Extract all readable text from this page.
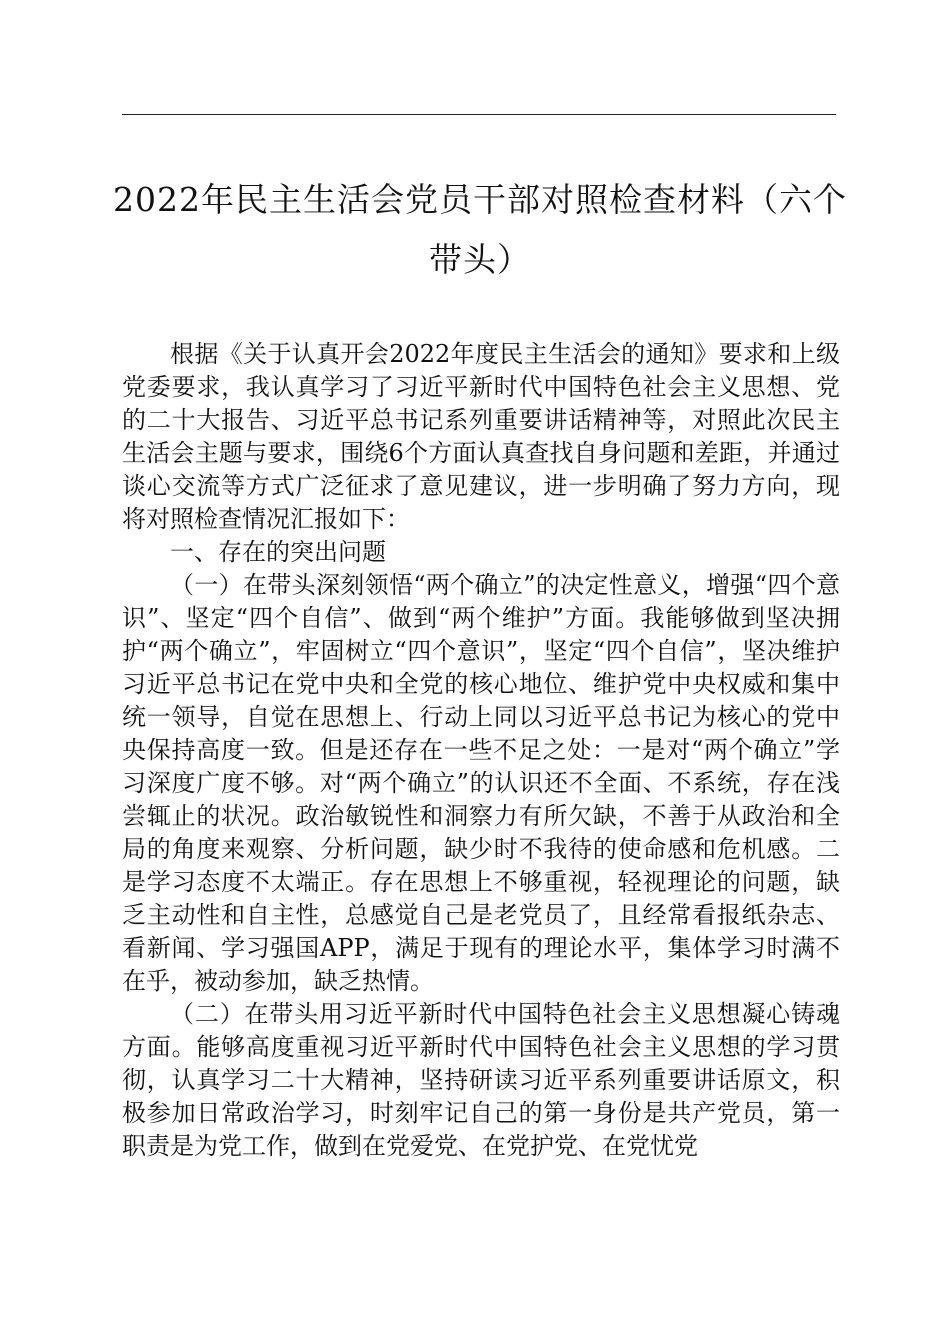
2022年民主生活会党员干部对照检查材料（六个带头）

根据《关于认真开会2022年度民主生活会的通知》要求和上级党委要求，我认真学习了习近平新时代中国特色社会主义思想、党的二十大报告、习近平总书记系列重要讲话精神等，对照此次民主生活会主题与要求，围绕6个方面认真查找自身问题和差距，并通过谈心交流等方式广泛征求了意见建议，进一步明确了努力方向，现将对照检查情况汇报如下：

一、存在的突出问题

（一）在带头深刻领悟“两个确立”的决定性意义，增强“四个意识”、坚定“四个自信”、做到“两个维护”方面。我能够做到坚决拥护“两个确立”，牢固树立“四个意识”，坚定“四个自信”，坚决维护习近平总书记在党中央和全党的核心地位、维护党中央权威和集中统一领导，自觉在思想上、行动上同以习近平总书记为核心的党中央保持高度一致。但是还存在一些不足之处：一是对“两个确立”学习深度广度不够。对“两个确立”的认识还不全面、不系统，存在浅尝辄止的状况。政治敏锐性和洞察力有所欠缺，不善于从政治和全局的角度来观察、分析问题，缺少时不我待的使命感和危机感。二是学习态度不太端正。存在思想上不够重视，轻视理论的问题，缺乏主动性和自主性，总感觉自己是老党员了，且经常看报纸杂志、看新闻、学习强国APP，满足于现有的理论水平，集体学习时满不在乎，被动参加，缺乏热情。

（二）在带头用习近平新时代中国特色社会主义思想凝心铸魂方面。能够高度重视习近平新时代中国特色社会主义思想的学习贯彻，认真学习二十大精神，坚持研读习近平系列重要讲话原文，积极参加日常政治学习，时刻牢记自己的第一身份是共产党员，第一职责是为党工作，做到在党爱党、在党护党、在党忧党
